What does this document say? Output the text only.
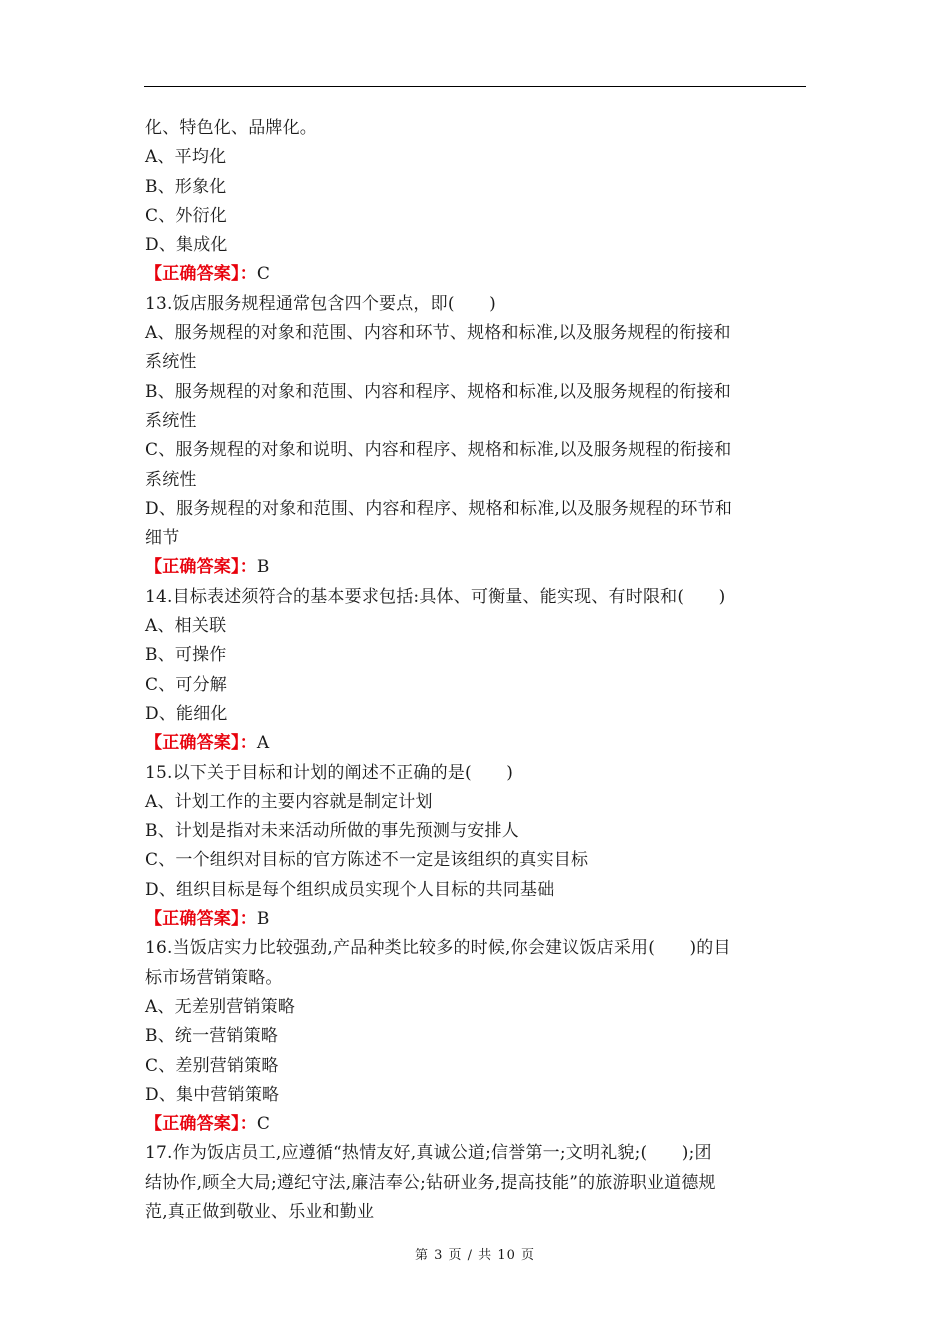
化、特色化、品牌化。
A、平均化
B、形象化
C、外衍化
D、集成化
【正确答案】：C
13.饭店服务规程通常包含四个要点，即(　　)
A、服务规程的对象和范围、内容和环节、规格和标准,以及服务规程的衔接和
系统性
B、服务规程的对象和范围、内容和程序、规格和标准,以及服务规程的衔接和
系统性
C、服务规程的对象和说明、内容和程序、规格和标准,以及服务规程的衔接和
系统性
D、服务规程的对象和范围、内容和程序、规格和标准,以及服务规程的环节和
细节
【正确答案】：B
14.目标表述须符合的基本要求包括:具体、可衡量、能实现、有时限和(　　)
A、相关联
B、可操作
C、可分解
D、能细化
【正确答案】：A
15.以下关于目标和计划的阐述不正确的是(　　)
A、计划工作的主要内容就是制定计划
B、计划是指对未来活动所做的事先预测与安排人
C、一个组织对目标的官方陈述不一定是该组织的真实目标
D、组织目标是每个组织成员实现个人目标的共同基础
【正确答案】：B
16.当饭店实力比较强劲,产品种类比较多的时候,你会建议饭店采用(　　)的目
标市场营销策略。
A、无差别营销策略
B、统一营销策略
C、差别营销策略
D、集中营销策略
【正确答案】：C
17.作为饭店员工,应遵循“热情友好,真诚公道;信誉第一;文明礼貌;(　　);团
结协作,顾全大局;遵纪守法,廉洁奉公;钻研业务,提高技能”的旅游职业道德规
范,真正做到敬业、乐业和勤业
第 3 页 / 共 10 页
